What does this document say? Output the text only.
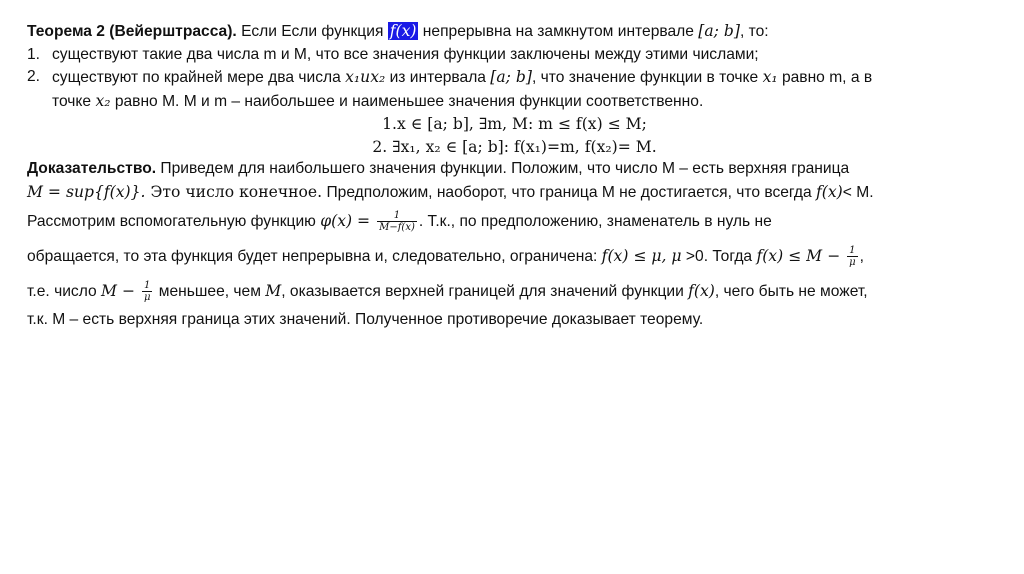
Теорема 2 (Вейерштрасса). Если Если функция f(x) непрерывна на замкнутом интервале [a; b], то:
1. существуют такие два числа m и M, что все значения функции заключены между этими числами;
2. существуют по крайней мере два числа x₁иx₂ из интервала [a; b], что значение функции в точке x₁ равно m, а в
точке x₂ равно M. M и m – наибольшее и наименьшее значения функции соответственно.
1.x ∈ [a; b], ∃m, M: m ≤ f(x) ≤ M;
2. ∃x₁, x₂ ∈ [a; b]: f(x₁)=m, f(x₂)= M.
Доказательство. Приведем для наибольшего значения функции. Положим, что число M – есть верхняя граница
M = sup{f(x)}. Это число конечное. Предположим, наоборот, что граница M не достигается, что всегда f(x)< M.
Рассмотрим вспомогательную функцию $\varphi(x) = \frac{1}{M-f(x)}$ . Т.к., по предположению, знаменатель в нуль не
обращается, то эта функция будет непрерывна и, следовательно, ограничена: f(x) ≤ μ, μ >0. Тогда $f(x) \le M - \frac{1}{\mu}$ ,
т.е. число $M - \frac{1}{\mu}$ меньшее, чем M, оказывается верхней границей для значений функции f(x), чего быть не может,
т.к. M – есть верхняя граница этих значений. Полученное противоречие доказывает теорему.
